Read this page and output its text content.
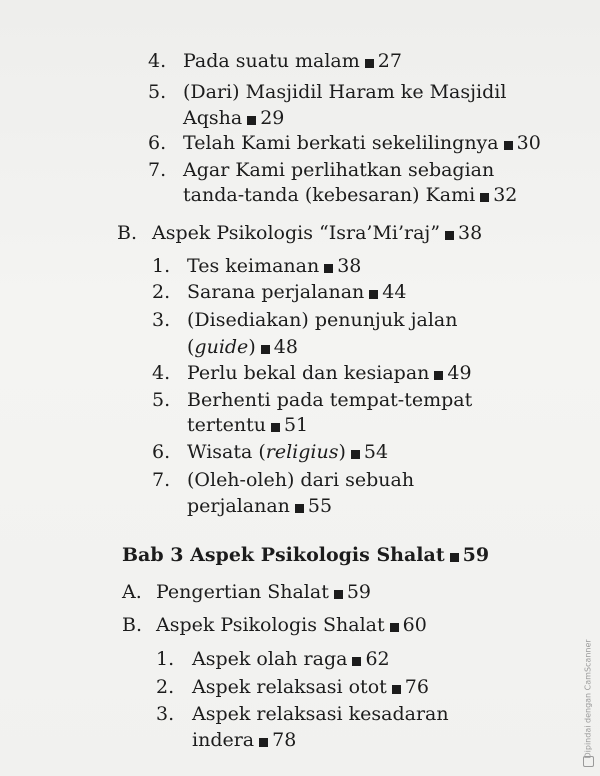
4. Pada suatu malam 27
5. (Dari) Masjidil Haram ke Masjidil
Aqsha 29
6. Telah Kami berkati sekelilingnya 30
7. Agar Kami perlihatkan sebagian
tanda-tanda (kebesaran) Kami 32
B. Aspek Psikologis “Isra’Mi’raj” 38
1. Tes keimanan 38
2. Sarana perjalanan 44
3. (Disediakan) penunjuk jalan
(guide) 48
4. Perlu bekal dan kesiapan 49
5. Berhenti pada tempat-tempat
tertentu 51
6. Wisata (religius) 54
7. (Oleh-oleh) dari sebuah
perjalanan 55
Bab 3 Aspek Psikologis Shalat 59
A. Pengertian Shalat 59
B. Aspek Psikologis Shalat 60
1. Aspek olah raga 62
2. Aspek relaksasi otot 76
3. Aspek relaksasi kesadaran
indera 78	Dipindai dengan CamScanner
